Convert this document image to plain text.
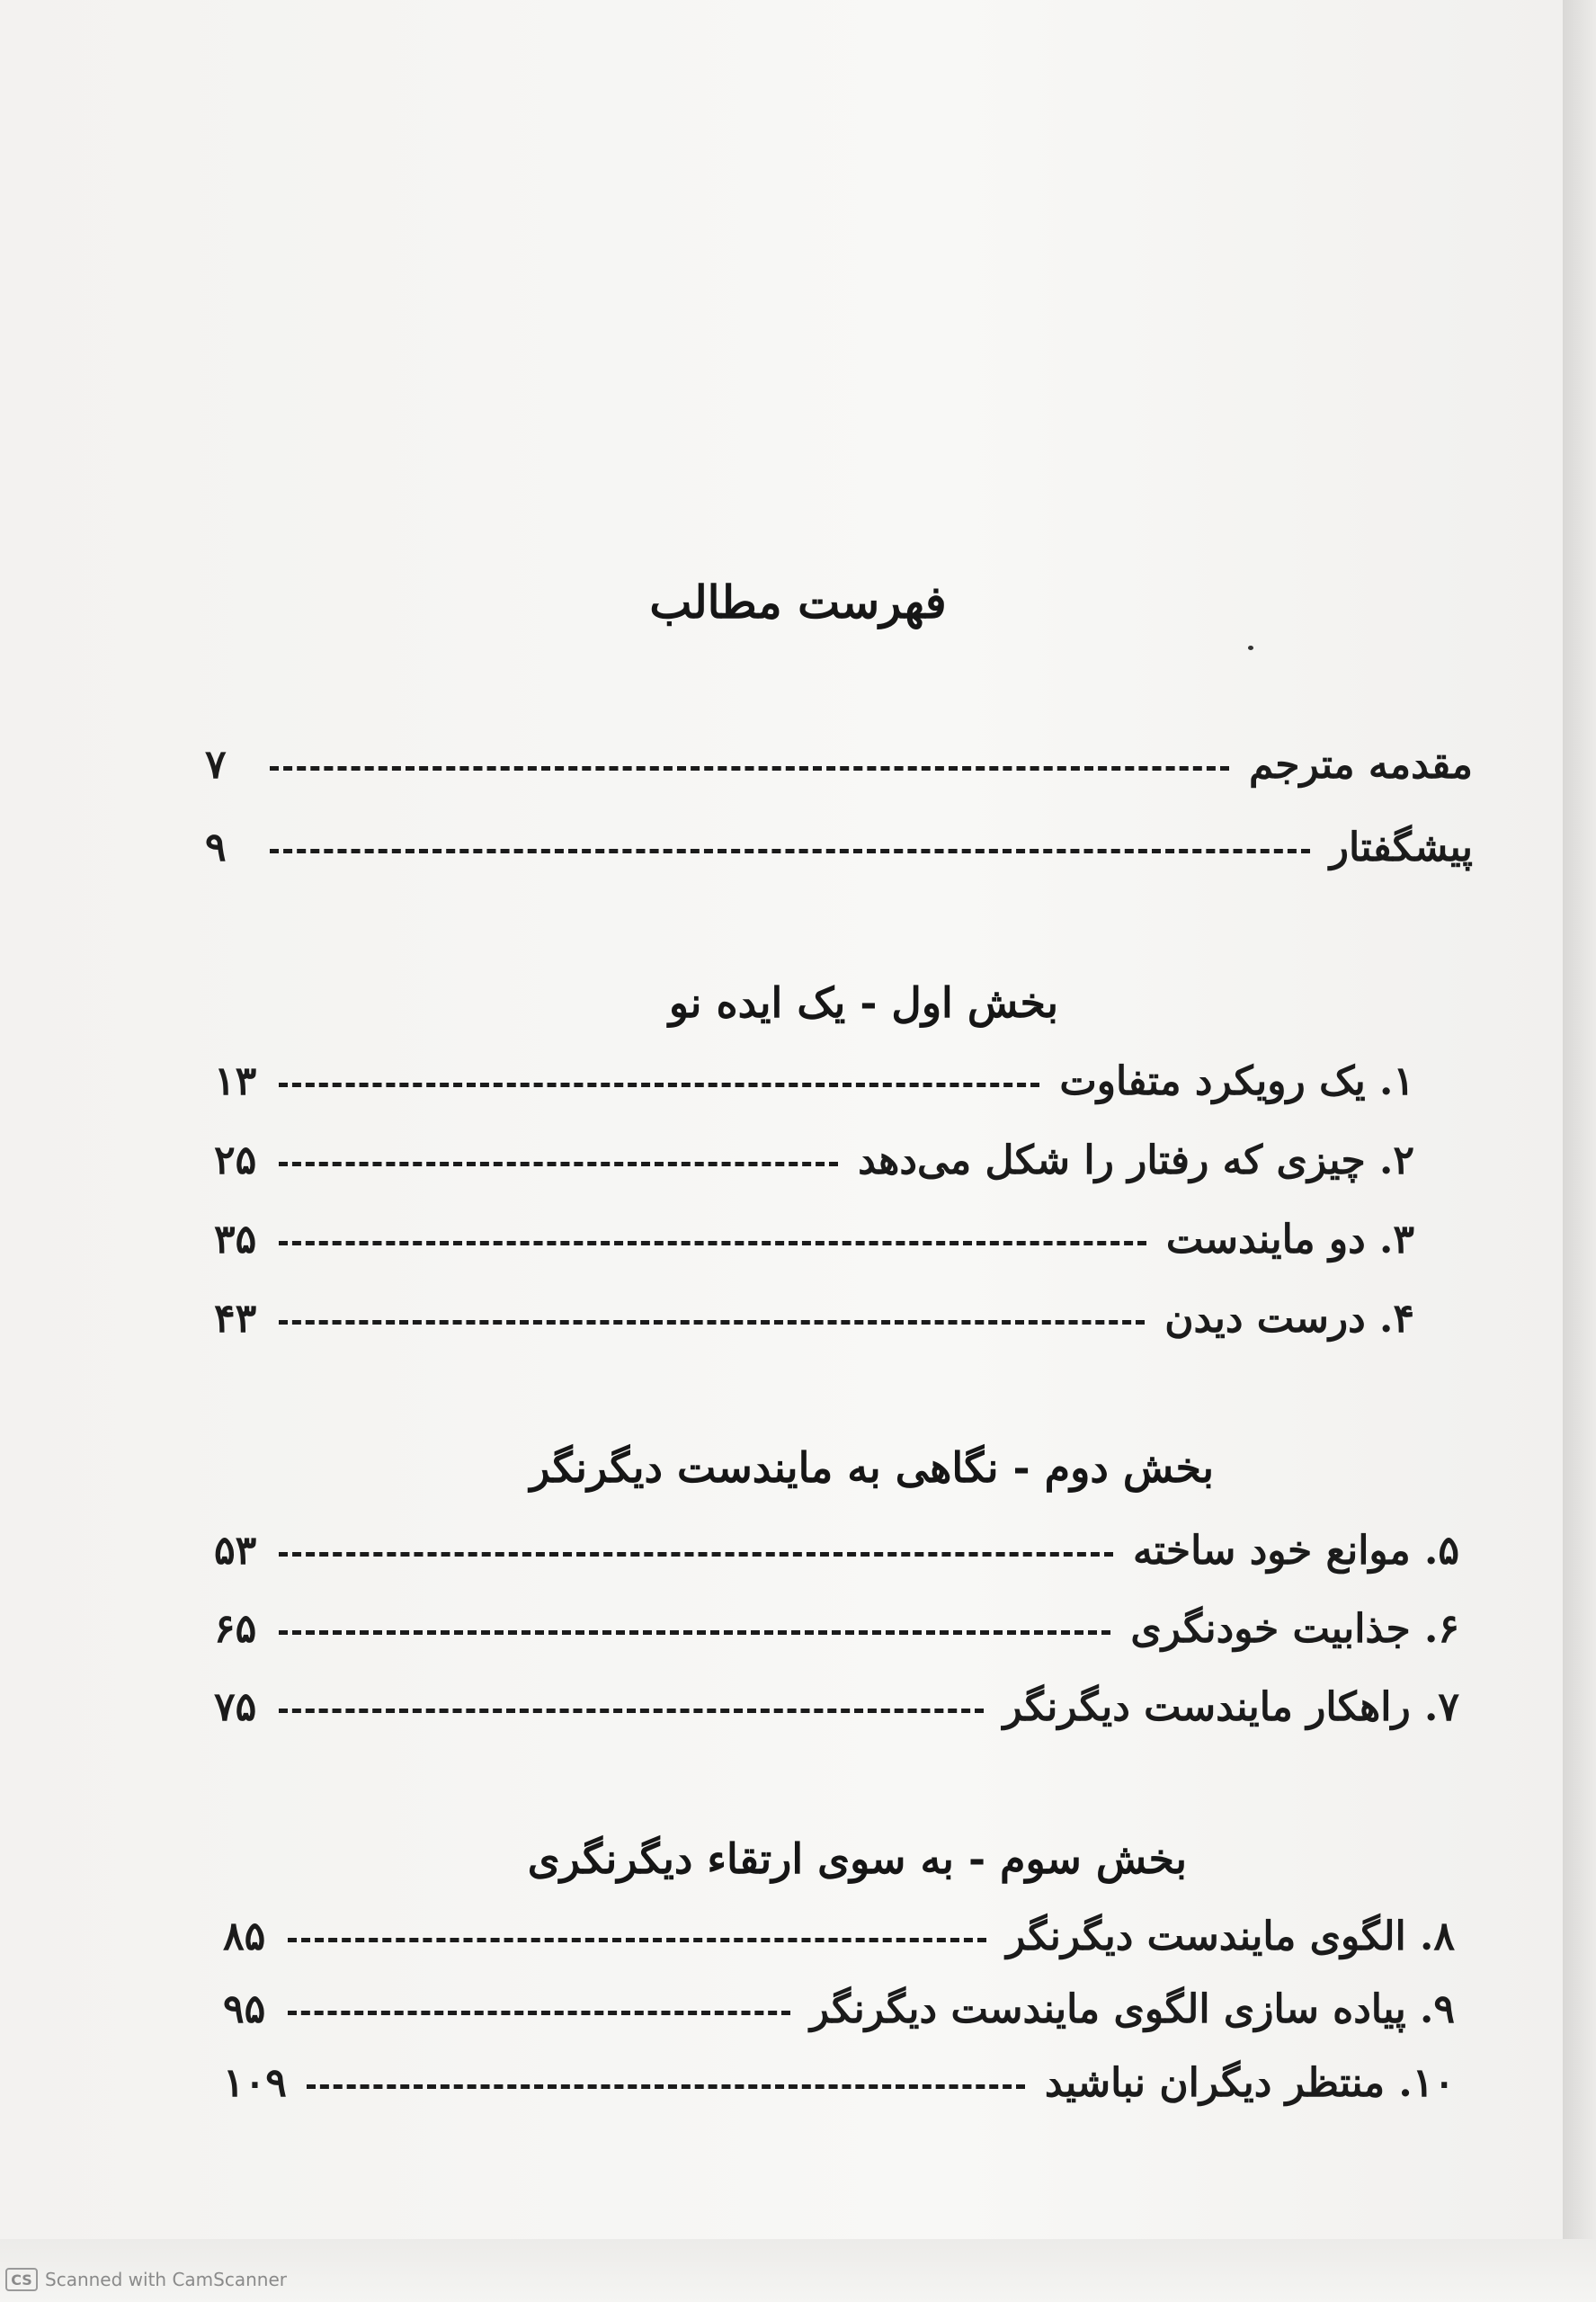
فهرست مطالب
مقدمه مترجم
۷
پیشگفتار
۹
بخش اول - یک ایده نو
۱. یک رویکرد متفاوت
۱۳
۲. چیزی که رفتار را شکل می‌دهد
۲۵
۳. دو مایندست
۳۵
۴. درست دیدن
۴۳
بخش دوم - نگاهی به مایندست دیگرنگر
۵. موانع خود ساخته
۵۳
۶. جذابیت خودنگری
۶۵
۷. راهکار مایندست دیگرنگر
۷۵
بخش سوم - به سوی ارتقاء دیگرنگری
۸. الگوی مایندست دیگرنگر
۸۵
۹. پیاده سازی الگوی مایندست دیگرنگر
۹۵
۱۰. منتظر دیگران نباشید
۱۰۹
CS Scanned with CamScanner
